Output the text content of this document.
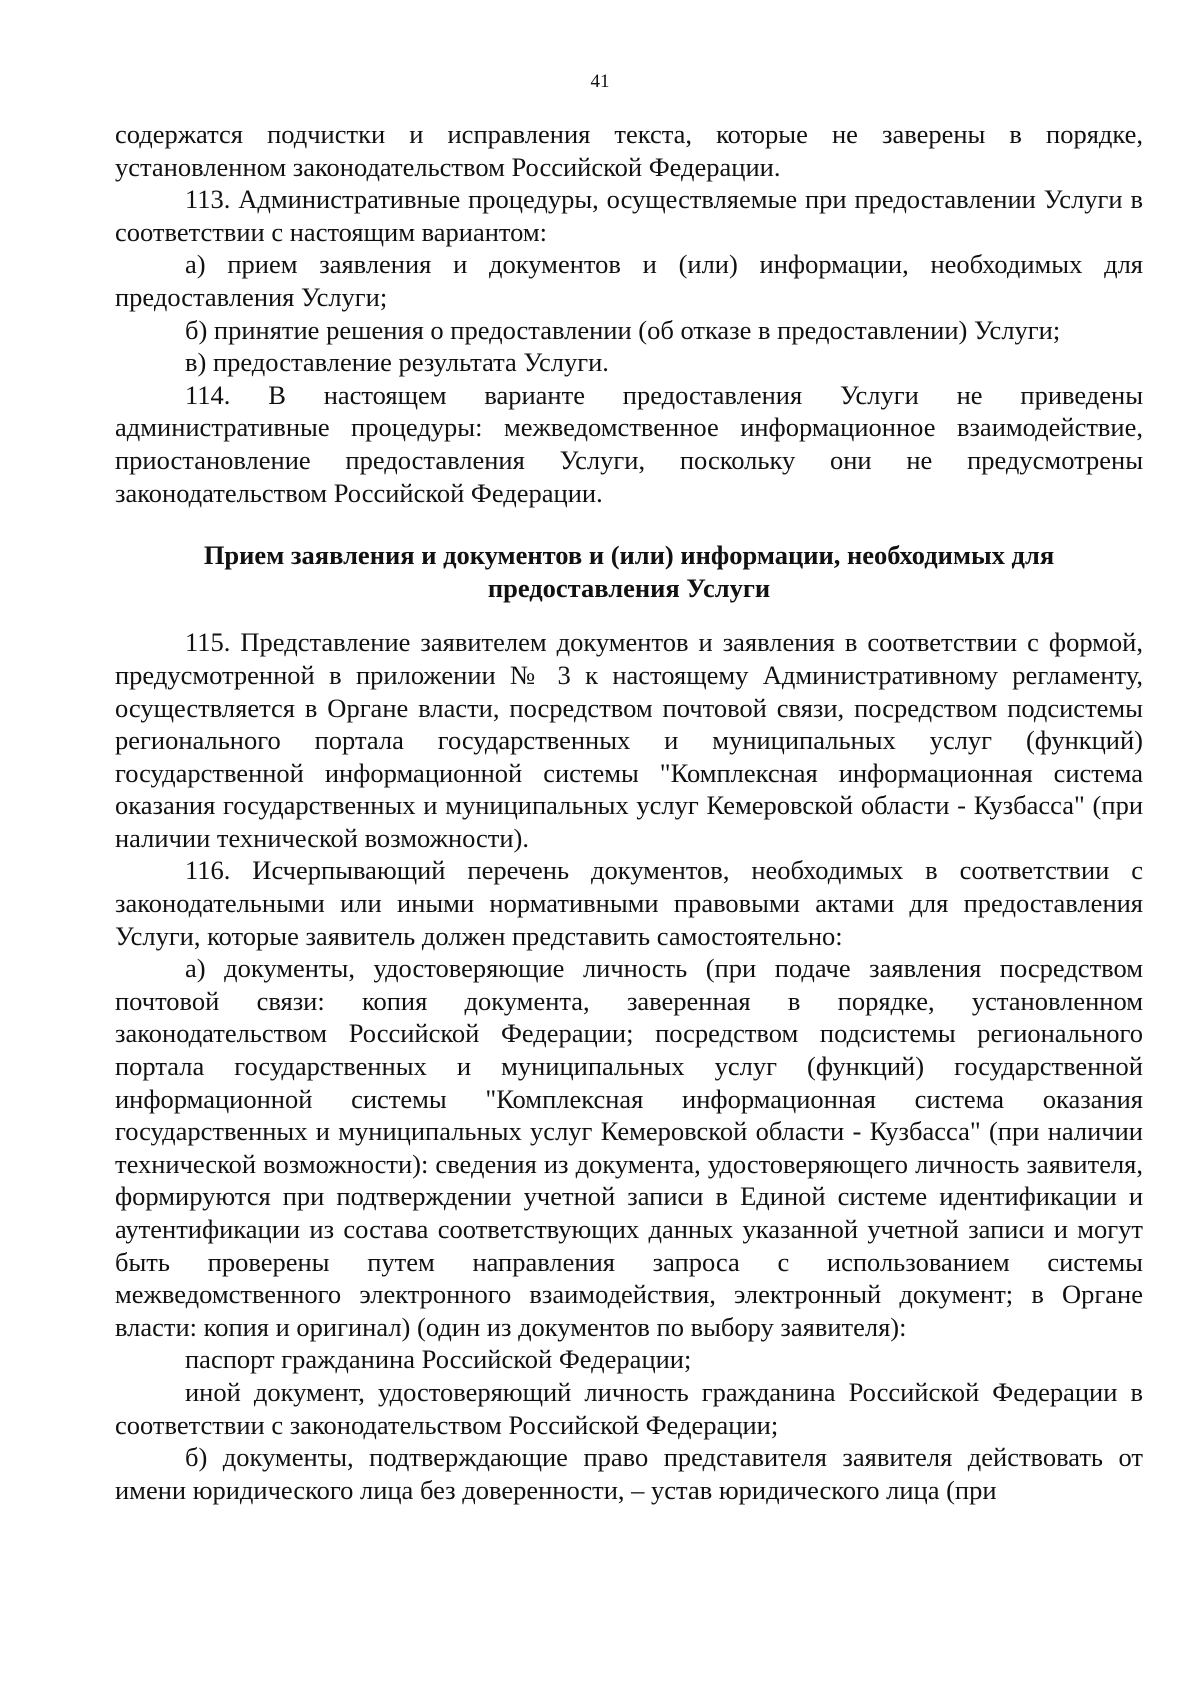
41

содержатся подчистки и исправления текста, которые не заверены в порядке, установленном законодательством Российской Федерации.

113. Административные процедуры, осуществляемые при предоставлении Услуги в соответствии с настоящим вариантом:

а) прием заявления и документов и (или) информации, необходимых для предоставления Услуги;

б) принятие решения о предоставлении (об отказе в предоставлении) Услуги;

в) предоставление результата Услуги.

114. В настоящем варианте предоставления Услуги не приведены административные процедуры: межведомственное информационное взаимодействие, приостановление предоставления Услуги, поскольку они не предусмотрены законодательством Российской Федерации.

Прием заявления и документов и (или) информации, необходимых для предоставления Услуги

115. Представление заявителем документов и заявления в соответствии с формой, предусмотренной в приложении № 3 к настоящему Административному регламенту, осуществляется в Органе власти, посредством почтовой связи, посредством подсистемы регионального портала государственных и муниципальных услуг (функций) государственной информационной системы "Комплексная информационная система оказания государственных и муниципальных услуг Кемеровской области - Кузбасса" (при наличии технической возможности).

116. Исчерпывающий перечень документов, необходимых в соответствии с законодательными или иными нормативными правовыми актами для предоставления Услуги, которые заявитель должен представить самостоятельно:

а) документы, удостоверяющие личность (при подаче заявления посредством почтовой связи: копия документа, заверенная в порядке, установленном законодательством Российской Федерации; посредством подсистемы регионального портала государственных и муниципальных услуг (функций) государственной информационной системы "Комплексная информационная система оказания государственных и муниципальных услуг Кемеровской области - Кузбасса" (при наличии технической возможности): сведения из документа, удостоверяющего личность заявителя, формируются при подтверждении учетной записи в Единой системе идентификации и аутентификации из состава соответствующих данных указанной учетной записи и могут быть проверены путем направления запроса с использованием системы межведомственного электронного взаимодействия, электронный документ; в Органе власти: копия и оригинал) (один из документов по выбору заявителя):

паспорт гражданина Российской Федерации;

иной документ, удостоверяющий личность гражданина Российской Федерации в соответствии с законодательством Российской Федерации;

б) документы, подтверждающие право представителя заявителя действовать от имени юридического лица без доверенности, – устав юридического лица (при
